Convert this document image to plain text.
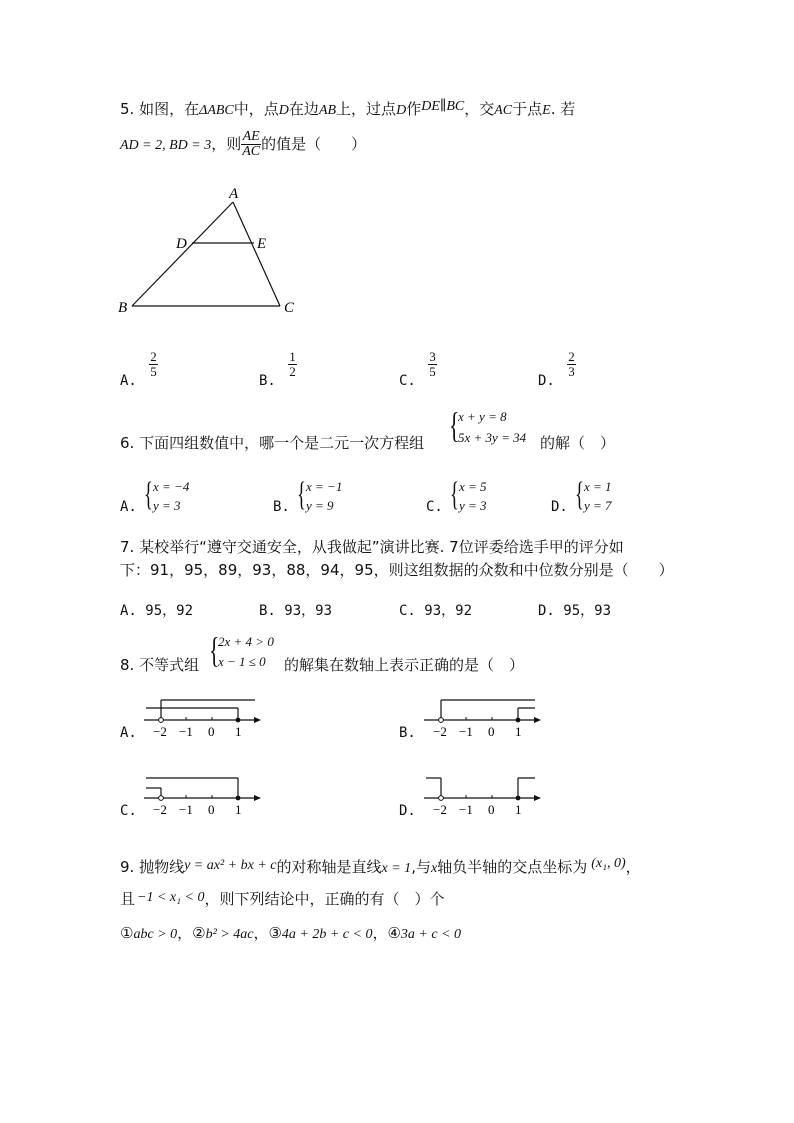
5. 如图，在ΔABC中，点D在边AB上，过点D作DE∥BC，交AC于点E. 若
AD = 2, BD = 3，则 $\frac{AE}{AC}$ 的值是（　　）
A
D	E
B	C
A.
$\frac{2}{5}$
B.
$\frac{1}{2}$
C.
$\frac{3}{5}$
D.
$\frac{2}{3}$
6. 下面四组数值中，哪一个是二元一次方程组 {
x + y = 8
5x + 3y = 34 的解（　）
A. { x = −4
y = 3	B. { x = −1
y = 9	C. { x = 5
y = 3	D. { x = 1
y = 7
7. 某校举行“遵守交通安全，从我做起”演讲比赛. 7位评委给选手甲的评分如
下：91，95，89，93，88，94，95，则这组数据的众数和中位数分别是（　　）
A. 95，92	B. 93，93	C. 93，92	D. 95，93
8. 不等式组 {
2x + 4 > 0
x − 1 ≤ 0 的解集在数轴上表示正确的是（　）
A.	B.
C.	D.
−2 −1 0 1	−2 −1 0 1
−2 −1 0 1	−2 −1 0 1
9. 抛物线y = ax² + bx + c的对称轴是直线x = 1,与x轴负半轴的交点坐标为 (x₁, 0)，
且 −1 < x₁ < 0，则下列结论中，正确的有（　）个
①abc > 0，②b² > 4ac，③4a + 2b + c < 0，④3a + c < 0
